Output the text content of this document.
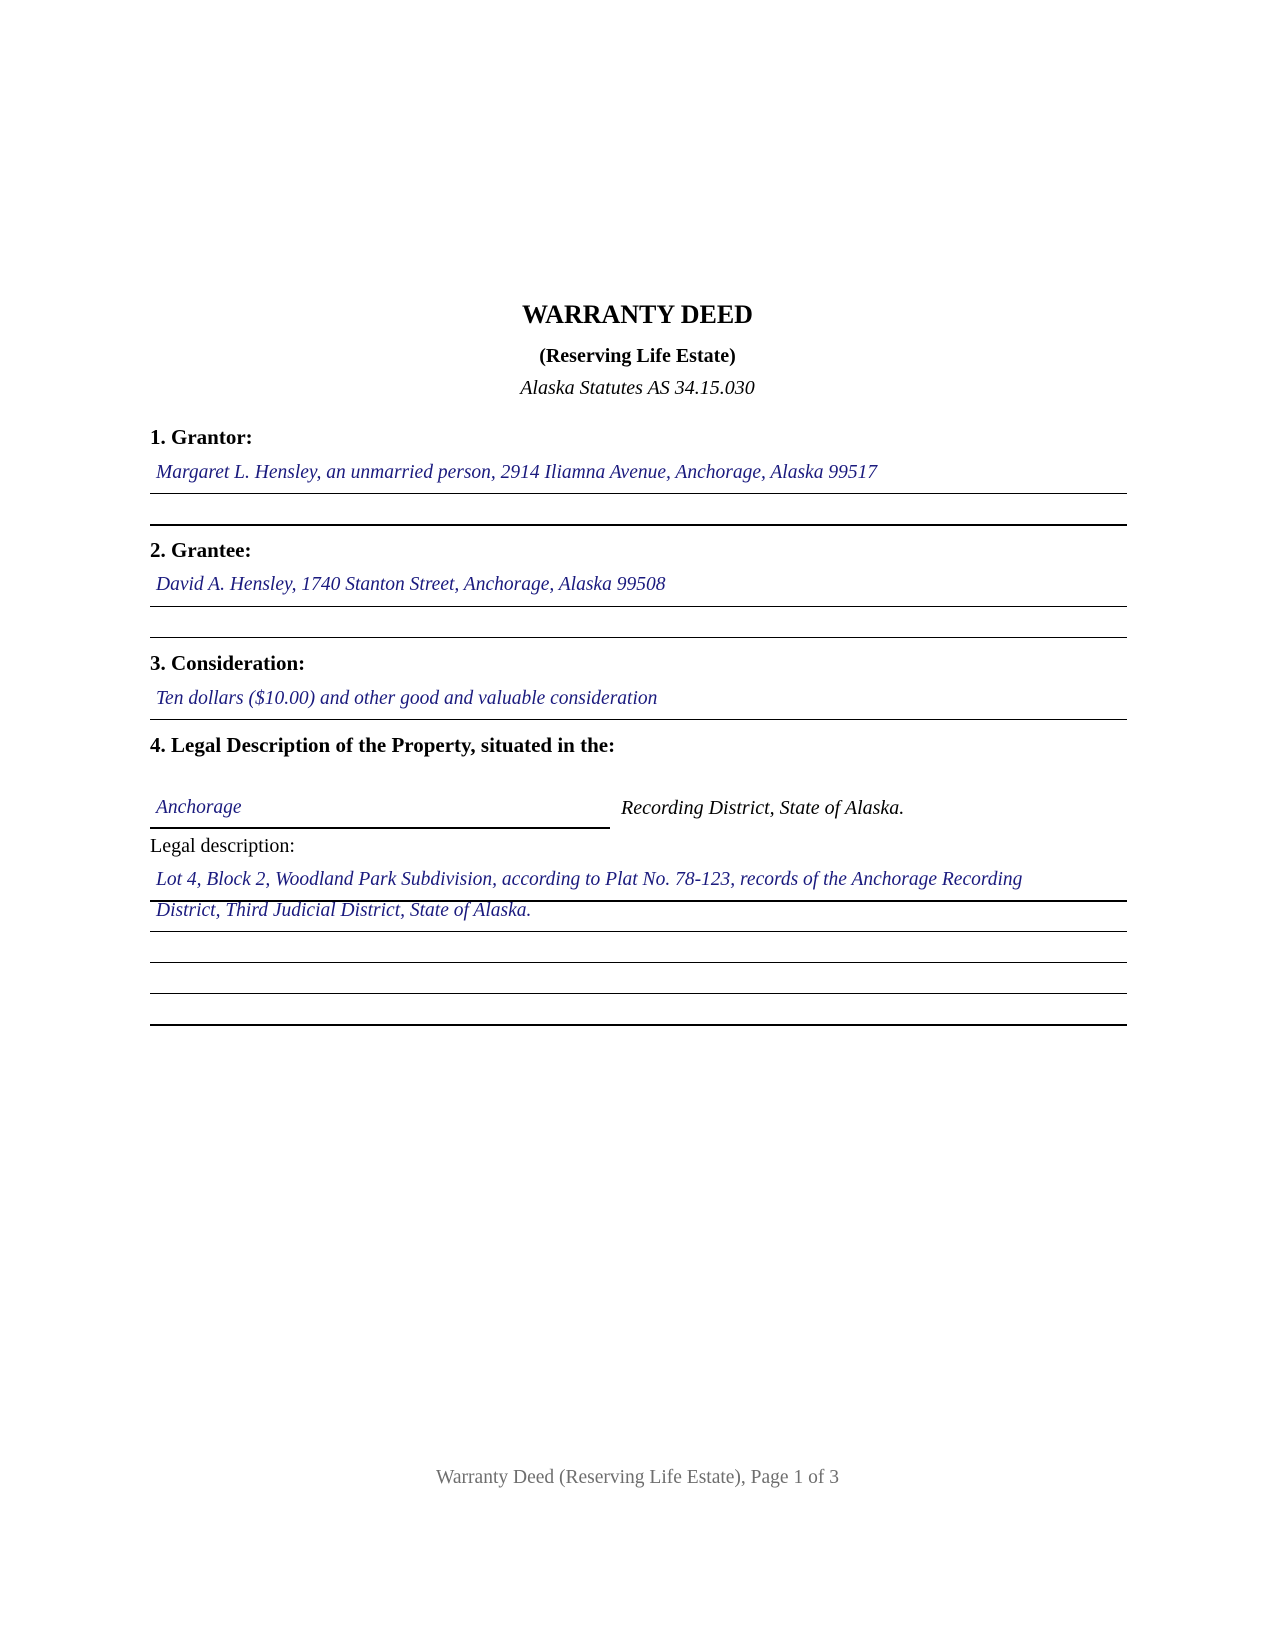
WARRANTY DEED
(Reserving Life Estate)
Alaska Statutes AS 34.15.030
1. Grantor:
Margaret L. Hensley, an unmarried person, 2914 Iliamna Avenue, Anchorage, Alaska 99517
2. Grantee:
David A. Hensley, 1740 Stanton Street, Anchorage, Alaska 99508
3. Consideration:
Ten dollars ($10.00) and other good and valuable consideration
4. Legal Description of the Property, situated in the:
Anchorage	Recording District, State of Alaska.
Legal description:
Lot 4, Block 2, Woodland Park Subdivision, according to Plat No. 78-123, records of the Anchorage Recording
District, Third Judicial District, State of Alaska.
Warranty Deed (Reserving Life Estate), Page 1 of 3
